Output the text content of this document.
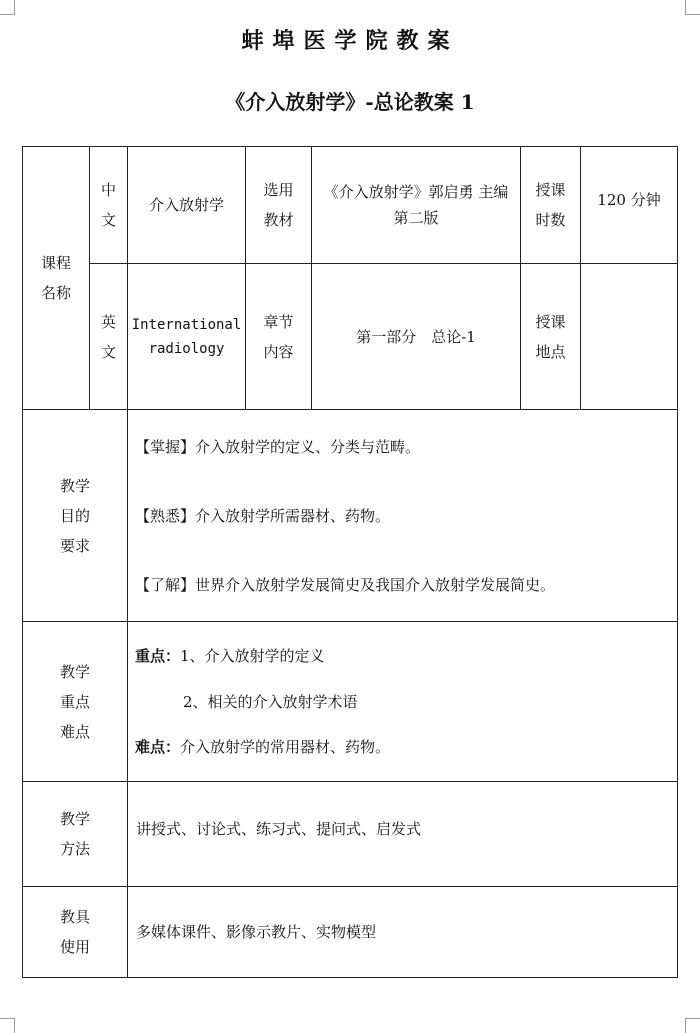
蚌埠医学院教案
《介入放射学》-总论教案 1
课程名称
中文
介入放射学
选用教材
《介入放射学》郭启勇 主编第二版
授课时数
120 分钟
英文
International radiology
章节内容
第一部分　总论-1
授课地点
教学目的要求
【掌握】介入放射学的定义、分类与范畴。
【熟悉】介入放射学所需器材、药物。
【了解】世界介入放射学发展简史及我国介入放射学发展简史。
教学重点难点
重点：1、介入放射学的定义
2、相关的介入放射学术语
难点：介入放射学的常用器材、药物。
教学方法
讲授式、讨论式、练习式、提问式、启发式
教具使用
多媒体课件、影像示教片、实物模型
